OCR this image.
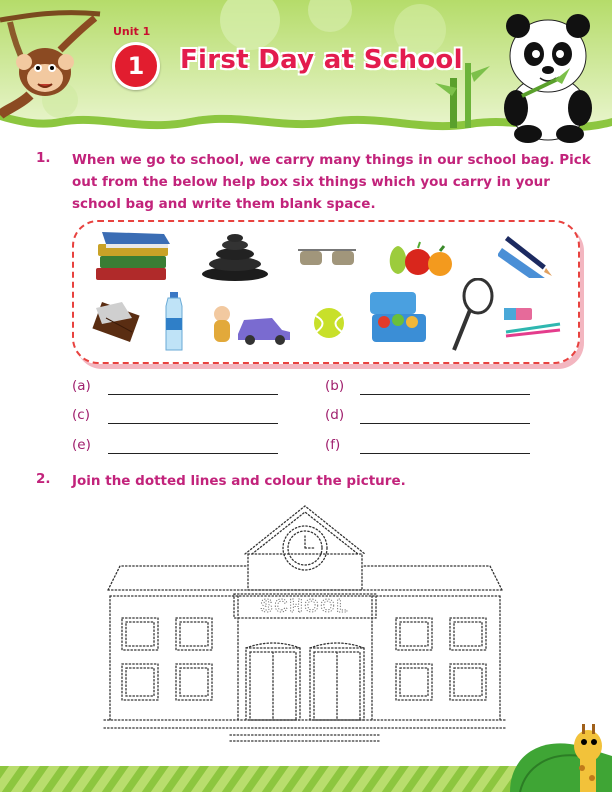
Unit 1
1	First Day at School
1. When we go to school, we carry many things in our school bag. Pick out from the below help box six things which you carry in your school bag and write them blank space.
(a)	(b)
(c)	(d)
(e)	(f)
2. Join the dotted lines and colour the picture.
SCHOOL
5
